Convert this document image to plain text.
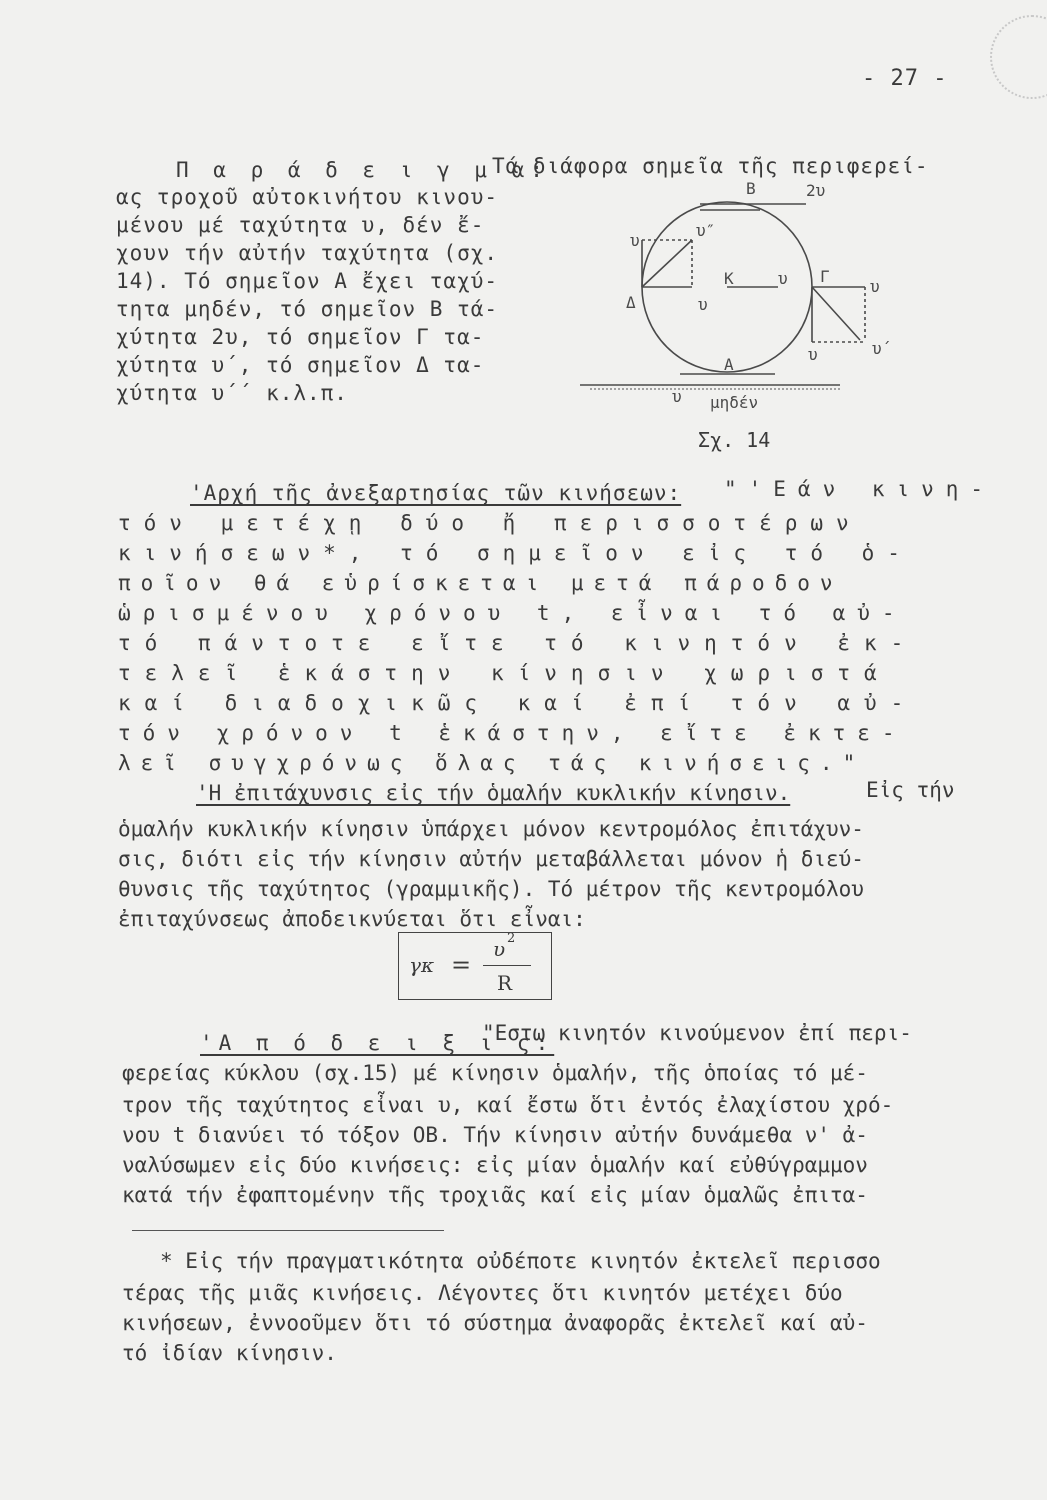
- 27 -
Π α ρ ά δ ε ι γ μ α:
Τά διάφορα σημεῖα τῆς περιφερεί-
ας τροχοῦ αὐτοκινήτου κινου-
μένου μέ ταχύτητα υ, δέν ἔ-
χουν τήν αὐτήν ταχύτητα (σχ.
14). Τό σημεῖον Α ἔχει ταχύ-
τητα μηδέν, τό σημεῖον Β τά-
χύτητα 2υ, τό σημεῖον Γ τα-
χύτητα υ΄, τό σημεῖον Δ τα-
χύτητα υ΄΄ κ.λ.π.
Β	2υ
υ
υ″
Κ	υ Γ
υ
υ΄
Δ	υ
υ
Α
υ μηδέν
Σχ. 14
'Αρχή τῆς ἀνεξαρτησίας τῶν κινήσεων: "'Εάν κινη-
τόν μετέχῃ δύο ἤ περισσοτέρων
κινήσεων*, τό σημεῖον εἰς τό ὁ-
ποῖον θά εὑρίσκεται μετά πάροδον
ὡρισμένου χρόνου t, εἶναι τό αὐ-
τό πάντοτε εἴτε τό κινητόν ἐκ-
τελεῖ ἑκάστην κίνησιν χωριστά
καί διαδοχικῶς καί ἐπί τόν αὐ-
τόν χρόνον t ἑκάστην, εἴτε ἐκτε-
λεῖ συγχρόνως ὅλας τάς κινήσεις."
'Η ἐπιτάχυνσις εἰς τήν ὁμαλήν κυκλικήν κίνησιν.	Εἰς τήν
ὁμαλήν κυκλικήν κίνησιν ὑπάρχει μόνον κεντρομόλος ἐπιτάχυν-
σις, διότι εἰς τήν κίνησιν αὐτήν μεταβάλλεται μόνον ἡ διεύ-
θυνσις τῆς ταχύτητος (γραμμικῆς). Τό μέτρον τῆς κεντρομόλου
ἐπιταχύνσεως ἀποδεικνύεται ὅτι εἶναι:
γκ =
υ 2
R
'Α π ό δ ε ι ξ ι ς:
"Εστω κινητόν κινούμενον ἐπί περι-
φερείας κύκλου (σχ.15) μέ κίνησιν ὁμαλήν, τῆς ὁποίας τό μέ-
τρον τῆς ταχύτητος εἶναι υ, καί ἔστω ὅτι ἐντός ἐλαχίστου χρό-
νου t διανύει τό τόξον ΟΒ. Τήν κίνησιν αὐτήν δυνάμεθα ν' ἀ-
ναλύσωμεν εἰς δύο κινήσεις: εἰς μίαν ὁμαλήν καί εὐθύγραμμον
κατά τήν ἐφαπτομένην τῆς τροχιᾶς καί εἰς μίαν ὁμαλῶς ἐπιτα-
* Εἰς τήν πραγματικότητα οὐδέποτε κινητόν ἐκτελεῖ περισσο
τέρας τῆς μιᾶς κινήσεις. Λέγοντες ὅτι κινητόν μετέχει δύο
κινήσεων, ἐννοοῦμεν ὅτι τό σύστημα ἀναφορᾶς ἐκτελεῖ καί αὐ-
τό ἰδίαν κίνησιν.
